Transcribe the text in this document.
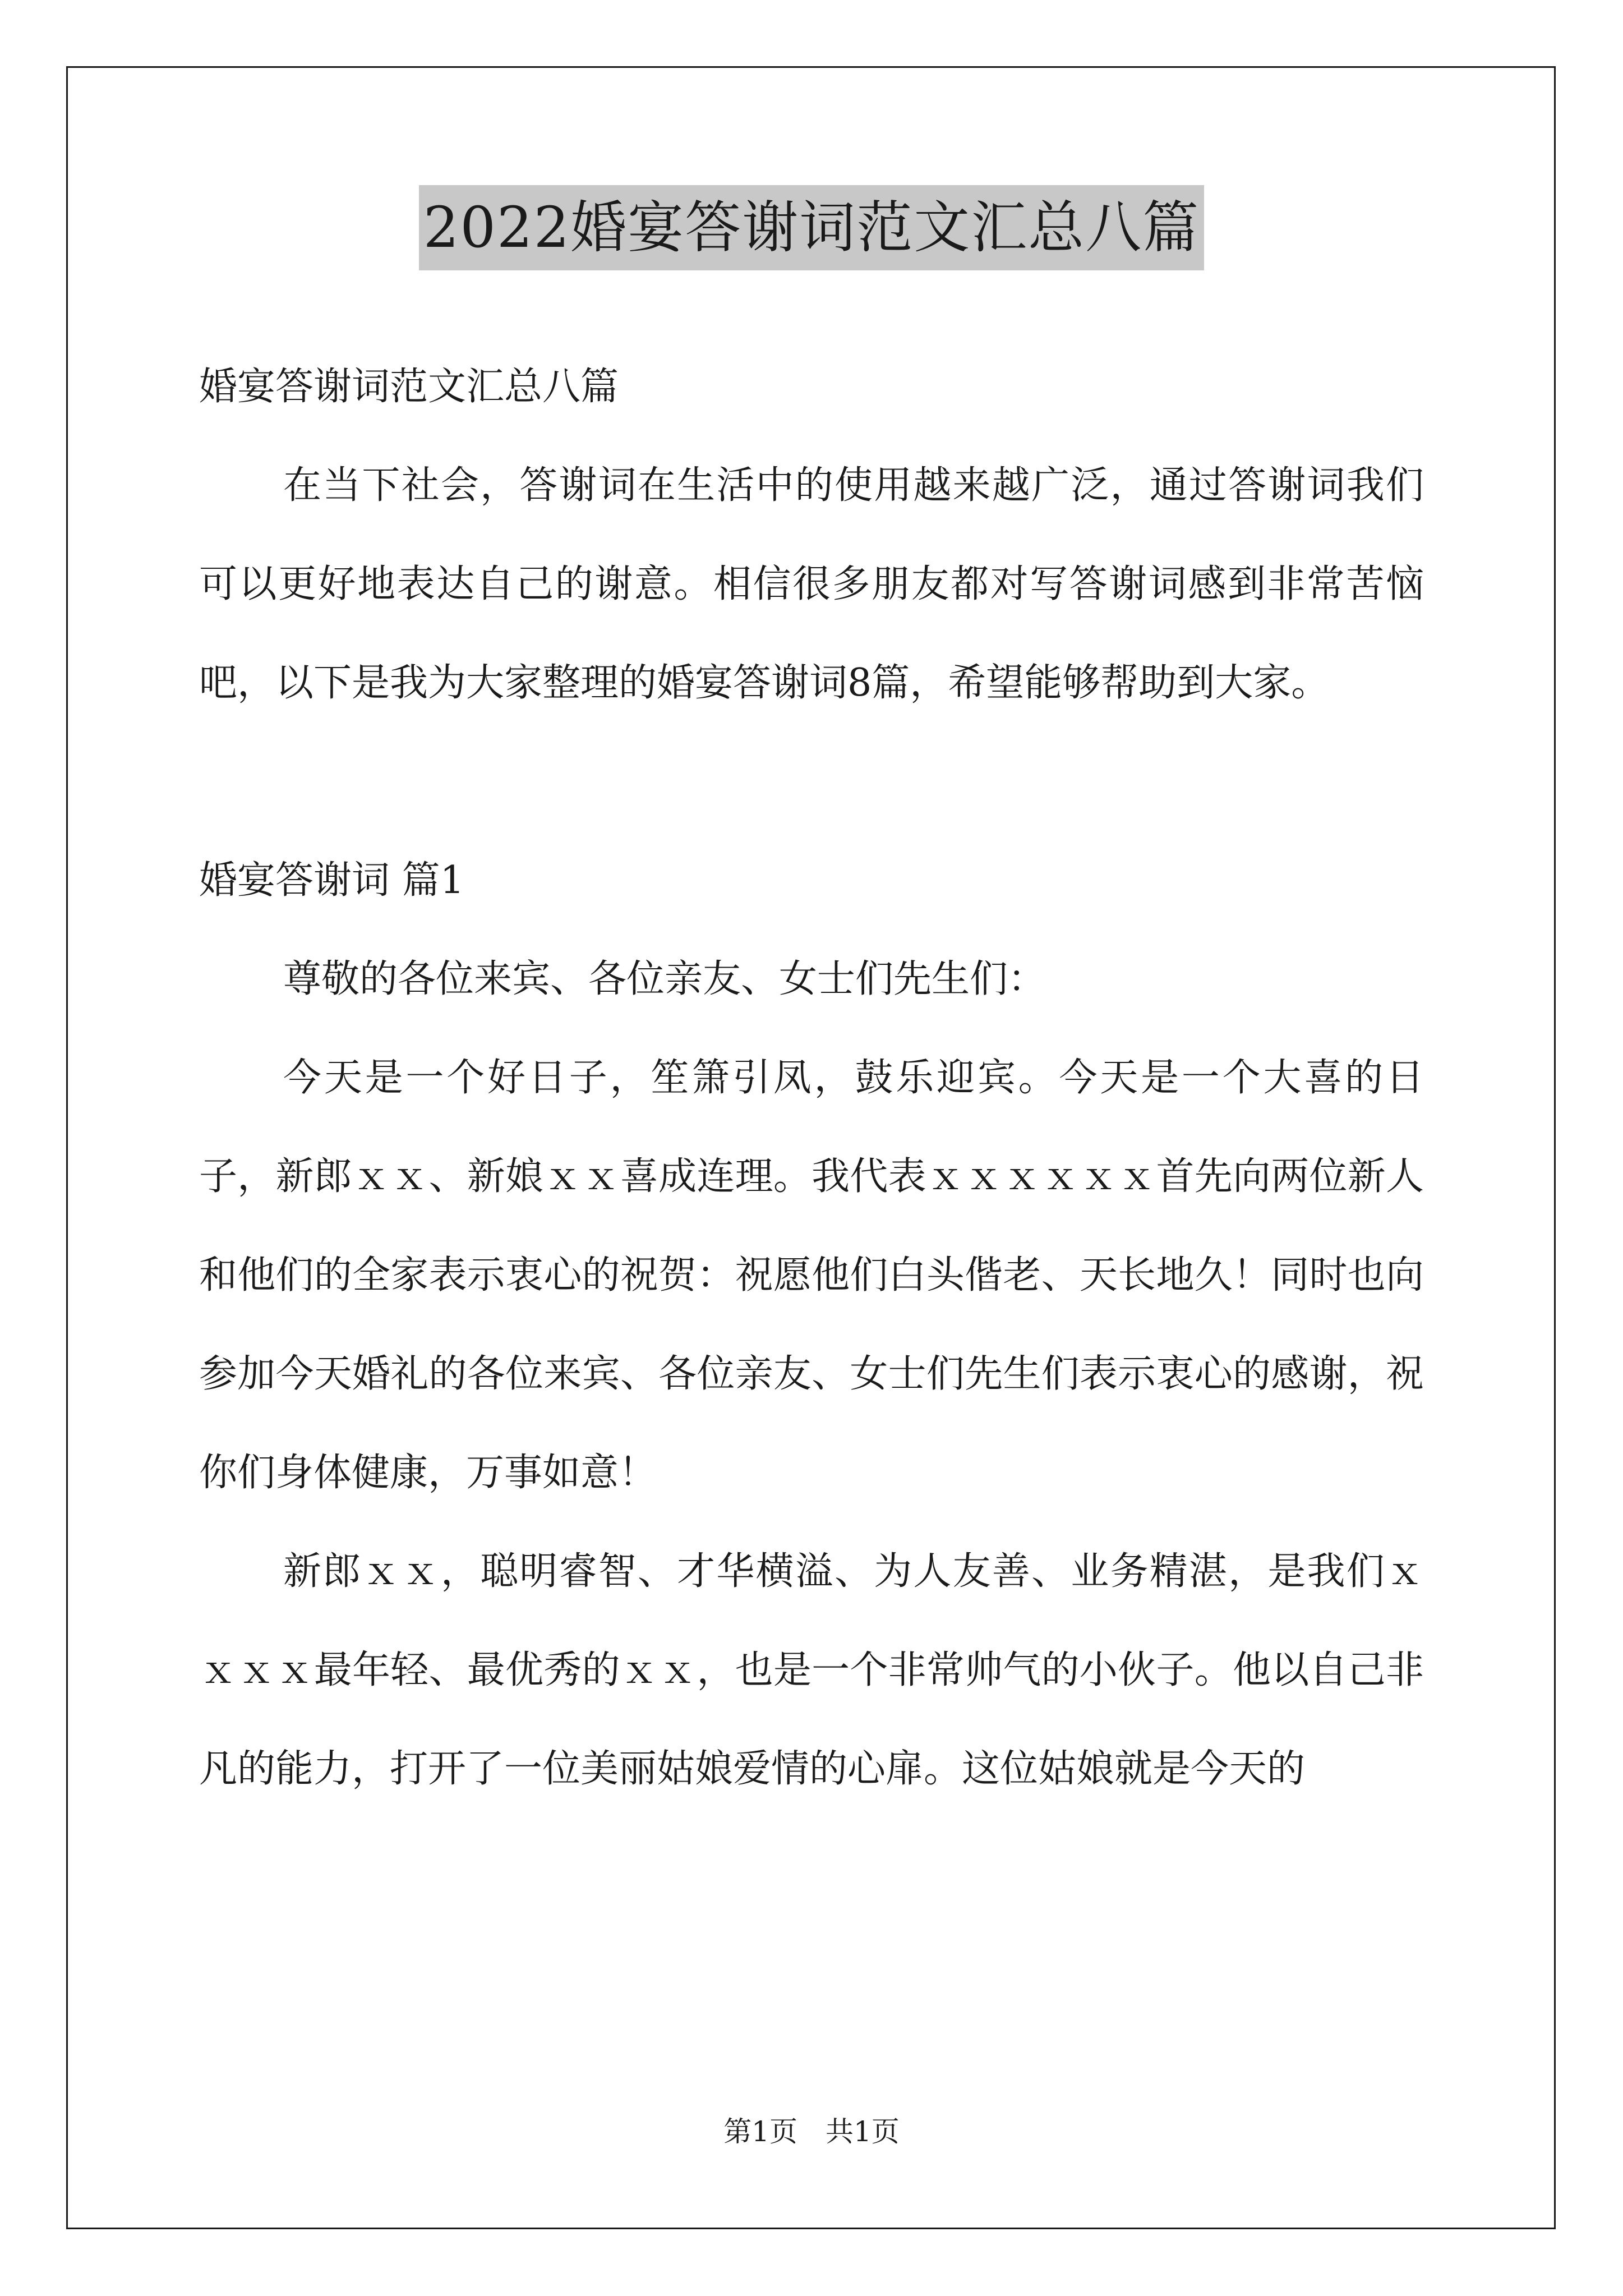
2022婚宴答谢词范文汇总八篇

婚宴答谢词范文汇总八篇

在当下社会，答谢词在生活中的使用越来越广泛，通过答谢词我们可以更好地表达自己的谢意。相信很多朋友都对写答谢词感到非常苦恼吧，以下是我为大家整理的婚宴答谢词8篇，希望能够帮助到大家。

婚宴答谢词 篇1

尊敬的各位来宾、各位亲友、女士们先生们：

今天是一个好日子，笙箫引凤，鼓乐迎宾。今天是一个大喜的日子，新郎ｘｘ、新娘ｘｘ喜成连理。我代表ｘｘｘｘｘｘ首先向两位新人和他们的全家表示衷心的祝贺：祝愿他们白头偕老、天长地久！同时也向参加今天婚礼的各位来宾、各位亲友、女士们先生们表示衷心的感谢，祝你们身体健康，万事如意！

新郎ｘｘ，聪明睿智、才华横溢、为人友善、业务精湛，是我们ｘｘｘｘ最年轻、最优秀的ｘｘ，也是一个非常帅气的小伙子。他以自己非凡的能力，打开了一位美丽姑娘爱情的心扉。这位姑娘就是今天的

第1页　共1页
